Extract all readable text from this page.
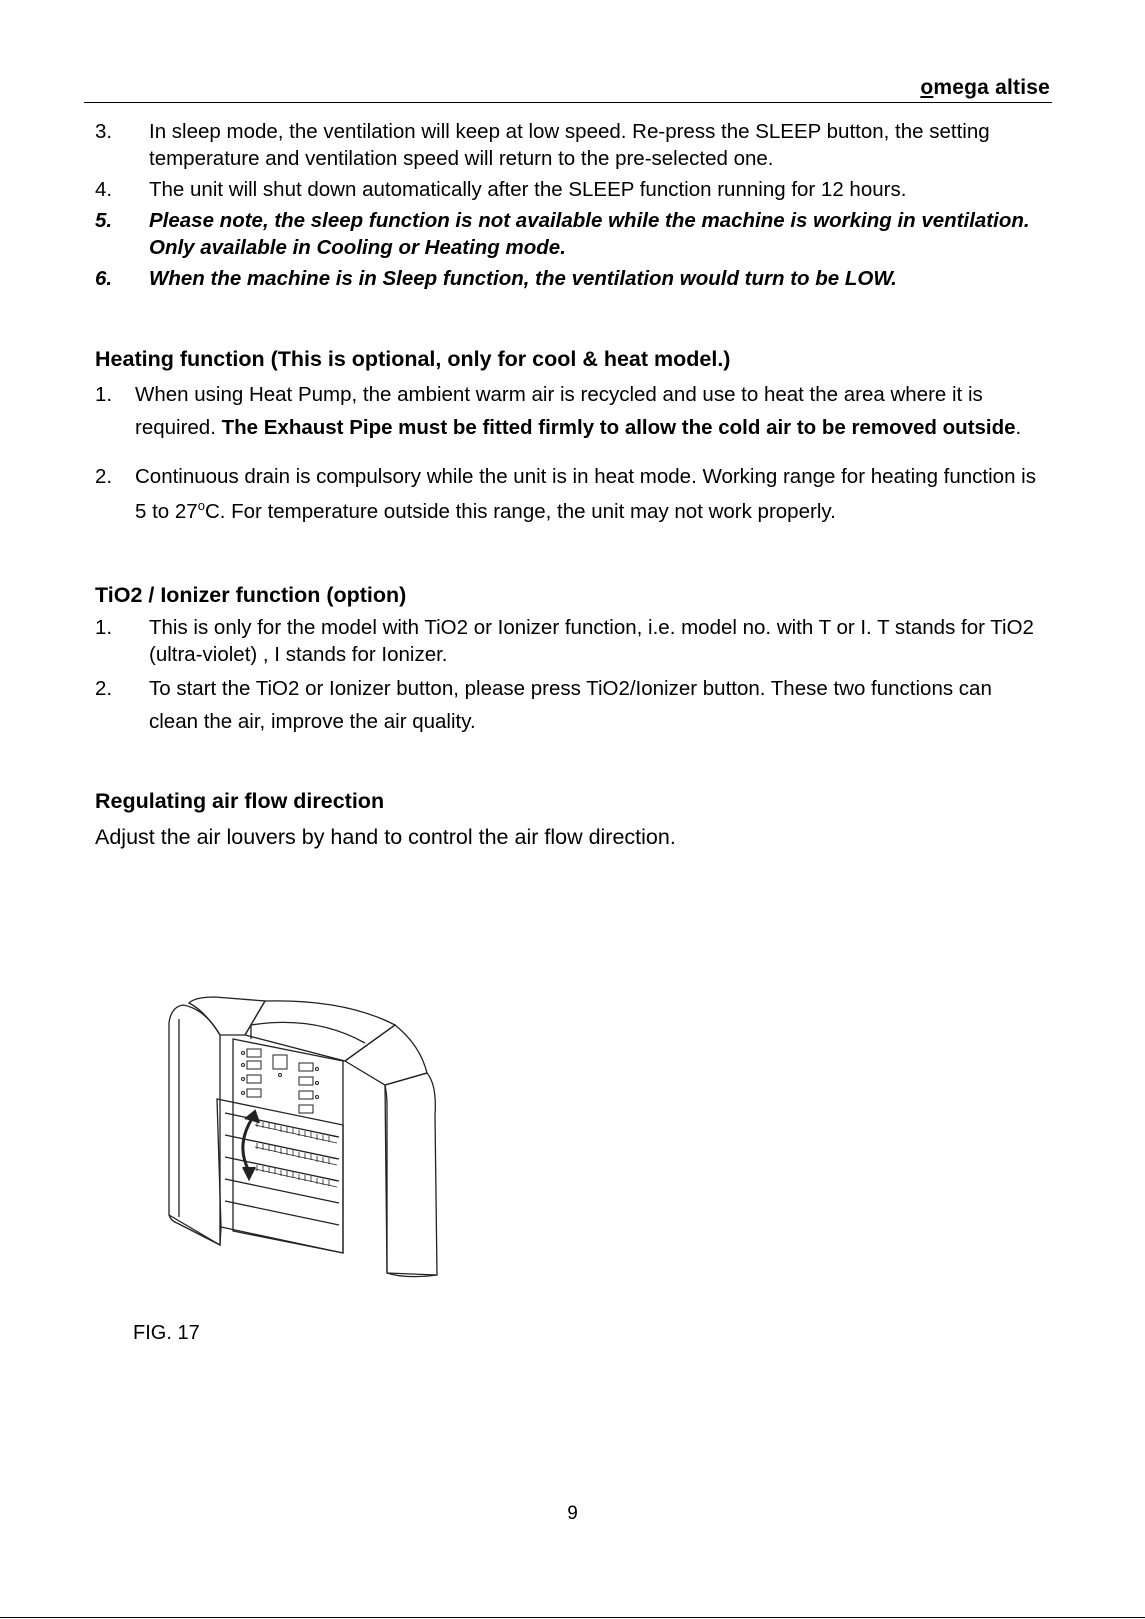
omega altise
3. In sleep mode, the ventilation will keep at low speed. Re-press the SLEEP button, the setting temperature and ventilation speed will return to the pre-selected one.
4. The unit will shut down automatically after the SLEEP function running for 12 hours.
5. Please note, the sleep function is not available while the machine is working in ventilation. Only available in Cooling or Heating mode.
6. When the machine is in Sleep function, the ventilation would turn to be LOW.
Heating function (This is optional, only for cool & heat model.)
1. When using Heat Pump, the ambient warm air is recycled and use to heat the area where it is required. The Exhaust Pipe must be fitted firmly to allow the cold air to be removed outside.
2. Continuous drain is compulsory while the unit is in heat mode. Working range for heating function is 5 to 27$^o$C. For temperature outside this range, the unit may not work properly.
TiO2 / Ionizer function (option)
1. This is only for the model with TiO2 or Ionizer function, i.e. model no. with T or I. T stands for TiO2 (ultra-violet) , I stands for Ionizer.
2. To start the TiO2 or Ionizer button, please press TiO2/Ionizer button. These two functions can clean the air, improve the air quality.
Regulating air flow direction
Adjust the air louvers by hand to control the air flow direction.
FIG. 17
9
